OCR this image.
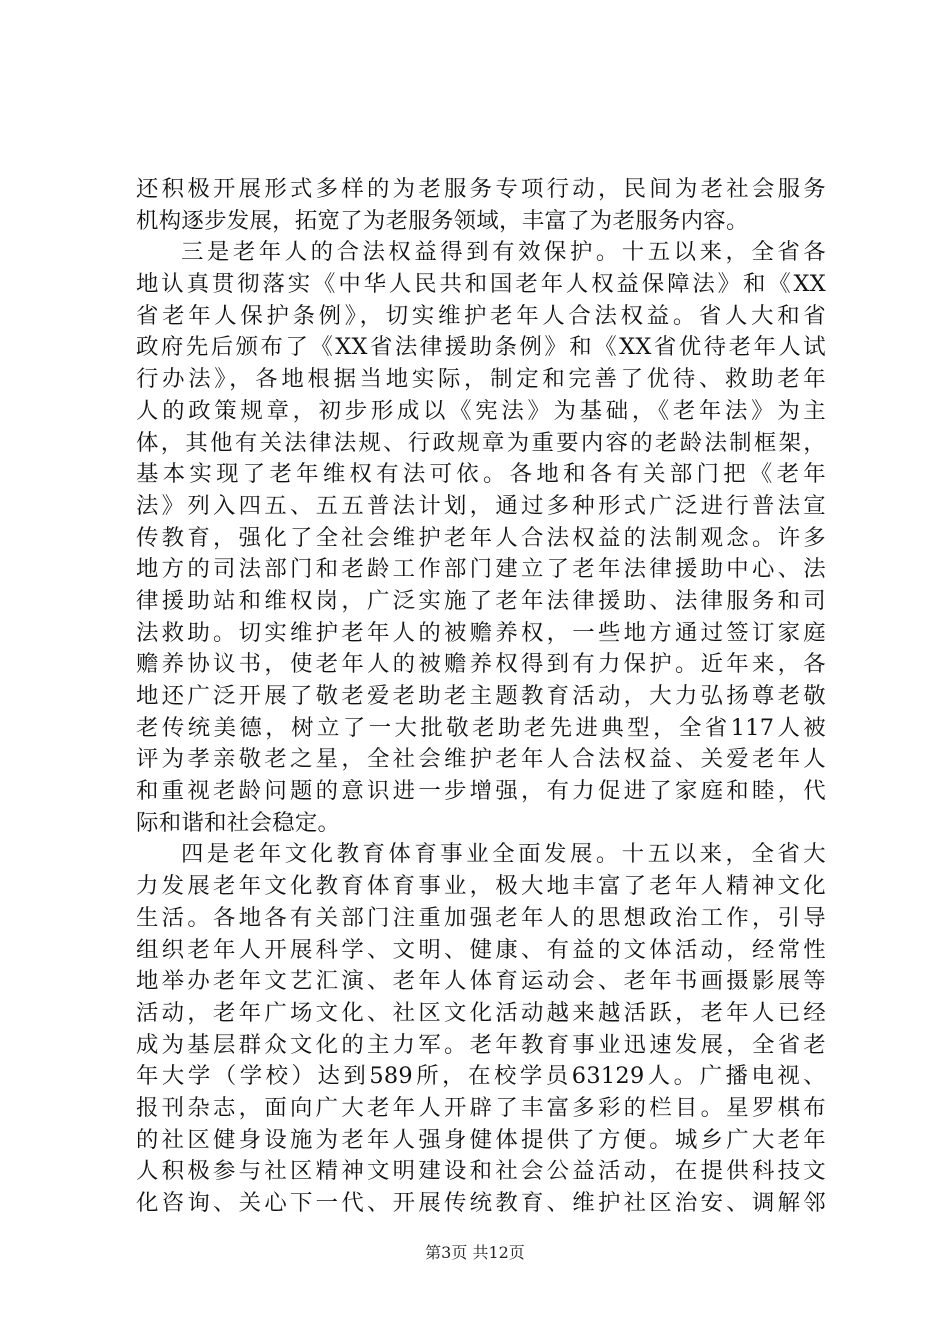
还积极开展形式多样的为老服务专项行动，民间为老社会服务
机构逐步发展，拓宽了为老服务领域，丰富了为老服务内容。
三是老年人的合法权益得到有效保护。十五以来，全省各
地认真贯彻落实《中华人民共和国老年人权益保障法》和《XX
省老年人保护条例》，切实维护老年人合法权益。省人大和省
政府先后颁布了《XX省法律援助条例》和《XX省优待老年人试
行办法》，各地根据当地实际，制定和完善了优待、救助老年
人的政策规章，初步形成以《宪法》为基础，《老年法》为主
体，其他有关法律法规、行政规章为重要内容的老龄法制框架，
基本实现了老年维权有法可依。各地和各有关部门把《老年
法》列入四五、五五普法计划，通过多种形式广泛进行普法宣
传教育，强化了全社会维护老年人合法权益的法制观念。许多
地方的司法部门和老龄工作部门建立了老年法律援助中心、法
律援助站和维权岗，广泛实施了老年法律援助、法律服务和司
法救助。切实维护老年人的被赡养权，一些地方通过签订家庭
赡养协议书，使老年人的被赡养权得到有力保护。近年来，各
地还广泛开展了敬老爱老助老主题教育活动，大力弘扬尊老敬
老传统美德，树立了一大批敬老助老先进典型，全省117人被
评为孝亲敬老之星，全社会维护老年人合法权益、关爱老年人
和重视老龄问题的意识进一步增强，有力促进了家庭和睦，代
际和谐和社会稳定。
四是老年文化教育体育事业全面发展。十五以来，全省大
力发展老年文化教育体育事业，极大地丰富了老年人精神文化
生活。各地各有关部门注重加强老年人的思想政治工作，引导
组织老年人开展科学、文明、健康、有益的文体活动，经常性
地举办老年文艺汇演、老年人体育运动会、老年书画摄影展等
活动，老年广场文化、社区文化活动越来越活跃，老年人已经
成为基层群众文化的主力军。老年教育事业迅速发展，全省老
年大学（学校）达到589所，在校学员63129人。广播电视、
报刊杂志，面向广大老年人开辟了丰富多彩的栏目。星罗棋布
的社区健身设施为老年人强身健体提供了方便。城乡广大老年
人积极参与社区精神文明建设和社会公益活动，在提供科技文
化咨询、关心下一代、开展传统教育、维护社区治安、调解邻
第3页 共12页
